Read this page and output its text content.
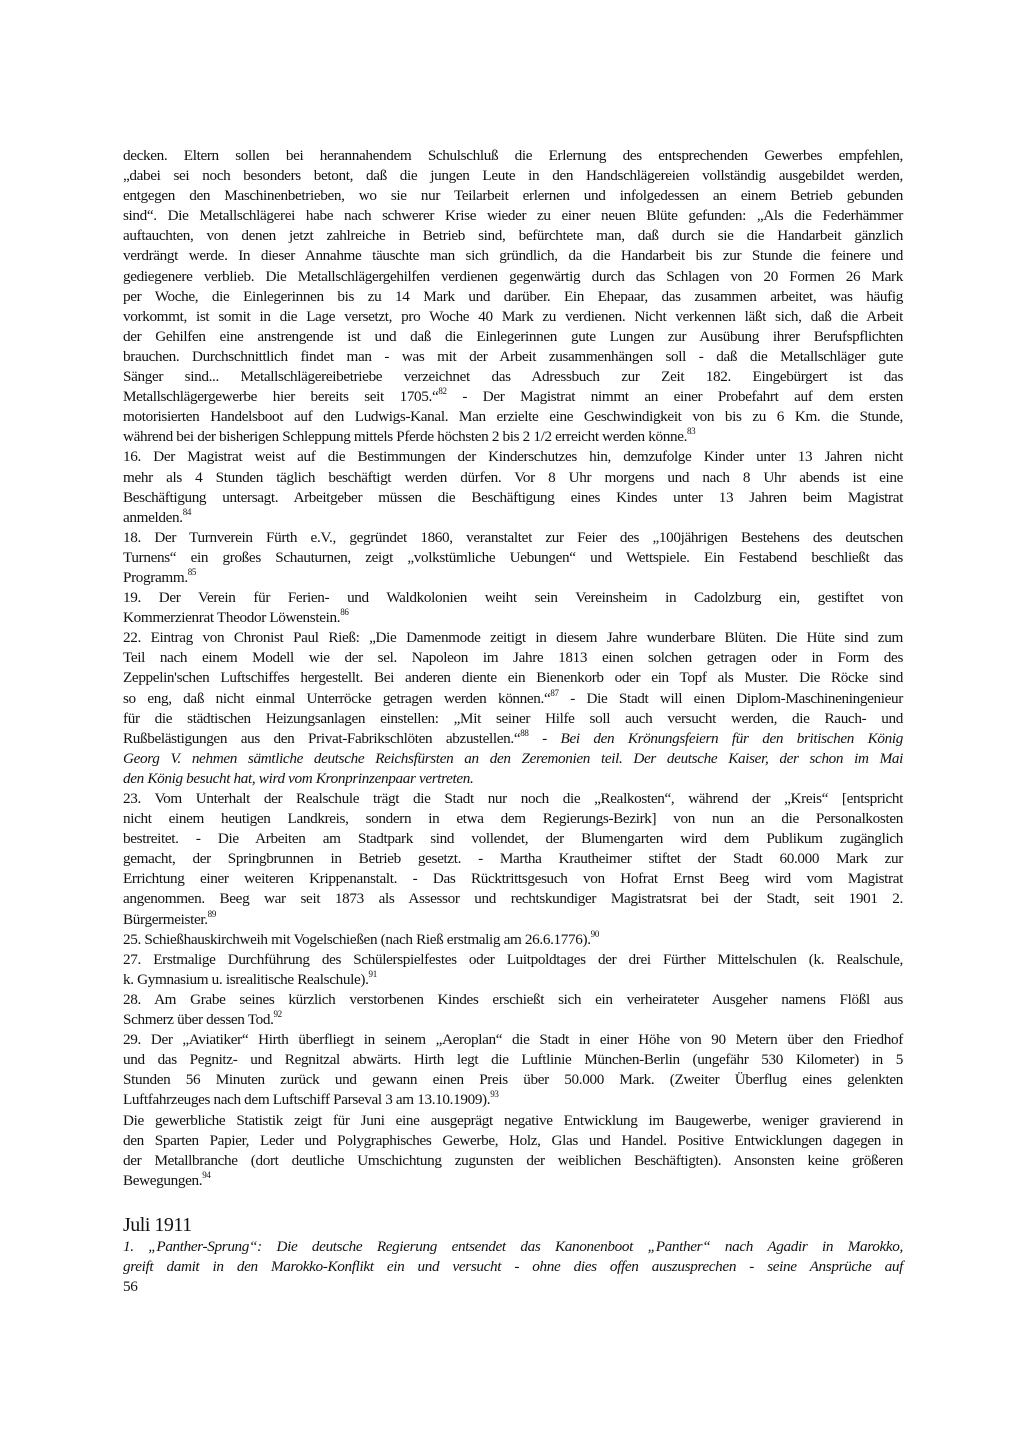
decken. Eltern sollen bei herannahendem Schulschluß die Erlernung des entsprechenden Gewerbes empfehlen,
„dabei sei noch besonders betont, daß die jungen Leute in den Handschlägereien vollständig ausgebildet werden,
entgegen den Maschinenbetrieben, wo sie nur Teilarbeit erlernen und infolgedessen an einem Betrieb gebunden
sind“. Die Metallschlägerei habe nach schwerer Krise wieder zu einer neuen Blüte gefunden: „Als die Federhämmer
auftauchten, von denen jetzt zahlreiche in Betrieb sind, befürchtete man, daß durch sie die Handarbeit gänzlich
verdrängt werde. In dieser Annahme täuschte man sich gründlich, da die Handarbeit bis zur Stunde die feinere und
gediegenere verblieb. Die Metallschlägergehilfen verdienen gegenwärtig durch das Schlagen von 20 Formen 26 Mark
per Woche, die Einlegerinnen bis zu 14 Mark und darüber. Ein Ehepaar, das zusammen arbeitet, was häufig
vorkommt, ist somit in die Lage versetzt, pro Woche 40 Mark zu verdienen. Nicht verkennen läßt sich, daß die Arbeit
der Gehilfen eine anstrengende ist und daß die Einlegerinnen gute Lungen zur Ausübung ihrer Berufspflichten
brauchen. Durchschnittlich findet man - was mit der Arbeit zusammenhängen soll - daß die Metallschläger gute
Sänger sind... Metallschlägereibetriebe verzeichnet das Adressbuch zur Zeit 182. Eingebürgert ist das
Metallschlägergewerbe hier bereits seit 1705.“$^{82}$ - Der Magistrat nimmt an einer Probefahrt auf dem ersten
motorisierten Handelsboot auf den Ludwigs-Kanal. Man erzielte eine Geschwindigkeit von bis zu 6 Km. die Stunde,
während bei der bisherigen Schleppung mittels Pferde höchsten 2 bis 2 1/2 erreicht werden könne.$^{83}$
16. Der Magistrat weist auf die Bestimmungen der Kinderschutzes hin, demzufolge Kinder unter 13 Jahren nicht
mehr als 4 Stunden täglich beschäftigt werden dürfen. Vor 8 Uhr morgens und nach 8 Uhr abends ist eine
Beschäftigung untersagt. Arbeitgeber müssen die Beschäftigung eines Kindes unter 13 Jahren beim Magistrat
anmelden.$^{84}$
18. Der Turnverein Fürth e.V., gegründet 1860, veranstaltet zur Feier des „100jährigen Bestehens des deutschen
Turnens“ ein großes Schauturnen, zeigt „volkstümliche Uebungen“ und Wettspiele. Ein Festabend beschließt das
Programm.$^{85}$
19. Der Verein für Ferien- und Waldkolonien weiht sein Vereinsheim in Cadolzburg ein, gestiftet von
Kommerzienrat Theodor Löwenstein.$^{86}$
22. Eintrag von Chronist Paul Rieß: „Die Damenmode zeitigt in diesem Jahre wunderbare Blüten. Die Hüte sind zum
Teil nach einem Modell wie der sel. Napoleon im Jahre 1813 einen solchen getragen oder in Form des
Zeppelin'schen Luftschiffes hergestellt. Bei anderen diente ein Bienenkorb oder ein Topf als Muster. Die Röcke sind
so eng, daß nicht einmal Unterröcke getragen werden können.“$^{87}$ - Die Stadt will einen Diplom-Maschineningenieur
für die städtischen Heizungsanlagen einstellen: „Mit seiner Hilfe soll auch versucht werden, die Rauch- und
Rußbelästigungen aus den Privat-Fabrikschlöten abzustellen.“$^{88}$ - Bei den Krönungsfeiern für den britischen König
Georg V. nehmen sämtliche deutsche Reichsfürsten an den Zeremonien teil. Der deutsche Kaiser, der schon im Mai
den König besucht hat, wird vom Kronprinzenpaar vertreten.
23. Vom Unterhalt der Realschule trägt die Stadt nur noch die „Realkosten“, während der „Kreis“ [entspricht
nicht einem heutigen Landkreis, sondern in etwa dem Regierungs-Bezirk] von nun an die Personalkosten
bestreitet. - Die Arbeiten am Stadtpark sind vollendet, der Blumengarten wird dem Publikum zugänglich
gemacht, der Springbrunnen in Betrieb gesetzt. - Martha Krautheimer stiftet der Stadt 60.000 Mark zur
Errichtung einer weiteren Krippenanstalt. - Das Rücktrittsgesuch von Hofrat Ernst Beeg wird vom Magistrat
angenommen. Beeg war seit 1873 als Assessor und rechtskundiger Magistratsrat bei der Stadt, seit 1901 2.
Bürgermeister.$^{89}$
25. Schießhauskirchweih mit Vogelschießen (nach Rieß erstmalig am 26.6.1776).$^{90}$
27. Erstmalige Durchführung des Schülerspielfestes oder Luitpoldtages der drei Fürther Mittelschulen (k. Realschule,
k. Gymnasium u. isrealitische Realschule).$^{91}$
28. Am Grabe seines kürzlich verstorbenen Kindes erschießt sich ein verheirateter Ausgeher namens Flößl aus
Schmerz über dessen Tod.$^{92}$
29. Der „Aviatiker“ Hirth überfliegt in seinem „Aeroplan“ die Stadt in einer Höhe von 90 Metern über den Friedhof
und das Pegnitz- und Regnitzal abwärts. Hirth legt die Luftlinie München-Berlin (ungefähr 530 Kilometer) in 5
Stunden 56 Minuten zurück und gewann einen Preis über 50.000 Mark. (Zweiter Überflug eines gelenkten
Luftfahrzeuges nach dem Luftschiff Parseval 3 am 13.10.1909).$^{93}$
Die gewerbliche Statistik zeigt für Juni eine ausgeprägt negative Entwicklung im Baugewerbe, weniger gravierend in
den Sparten Papier, Leder und Polygraphisches Gewerbe, Holz, Glas und Handel. Positive Entwicklungen dagegen in
der Metallbranche (dort deutliche Umschichtung zugunsten der weiblichen Beschäftigten). Ansonsten keine größeren
Bewegungen.$^{94}$
Juli 1911
1. „Panther-Sprung“: Die deutsche Regierung entsendet das Kanonenboot „Panther“ nach Agadir in Marokko,
greift damit in den Marokko-Konflikt ein und versucht - ohne dies offen auszusprechen - seine Ansprüche auf
56
